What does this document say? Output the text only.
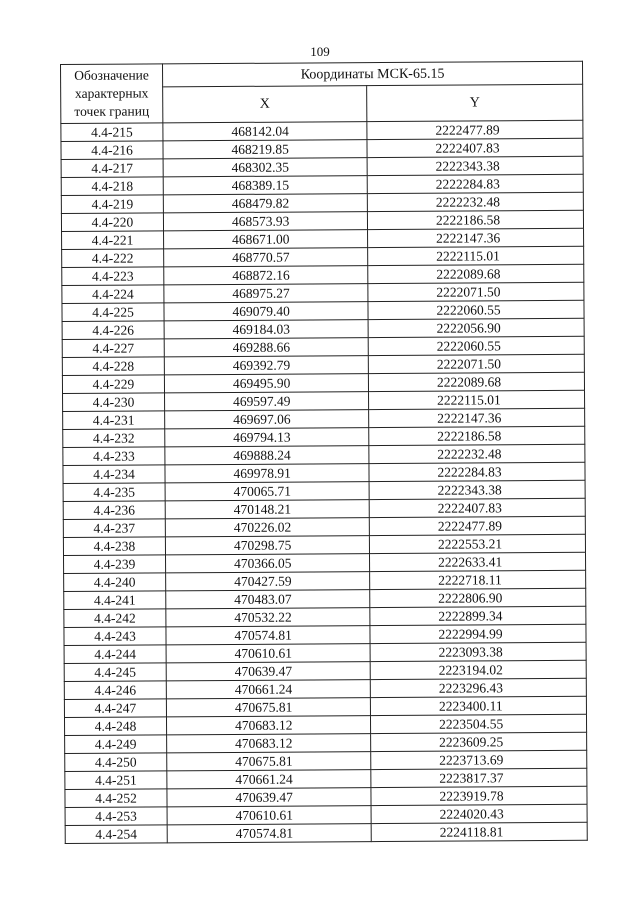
109
Обозначение характерных точек границ	Координаты МСК-65.15	
	X	Y
4.4-215	468142.04	2222477.89
4.4-216	468219.85	2222407.83
4.4-217	468302.35	2222343.38
4.4-218	468389.15	2222284.83
4.4-219	468479.82	2222232.48
4.4-220	468573.93	2222186.58
4.4-221	468671.00	2222147.36
4.4-222	468770.57	2222115.01
4.4-223	468872.16	2222089.68
4.4-224	468975.27	2222071.50
4.4-225	469079.40	2222060.55
4.4-226	469184.03	2222056.90
4.4-227	469288.66	2222060.55
4.4-228	469392.79	2222071.50
4.4-229	469495.90	2222089.68
4.4-230	469597.49	2222115.01
4.4-231	469697.06	2222147.36
4.4-232	469794.13	2222186.58
4.4-233	469888.24	2222232.48
4.4-234	469978.91	2222284.83
4.4-235	470065.71	2222343.38
4.4-236	470148.21	2222407.83
4.4-237	470226.02	2222477.89
4.4-238	470298.75	2222553.21
4.4-239	470366.05	2222633.41
4.4-240	470427.59	2222718.11
4.4-241	470483.07	2222806.90
4.4-242	470532.22	2222899.34
4.4-243	470574.81	2222994.99
4.4-244	470610.61	2223093.38
4.4-245	470639.47	2223194.02
4.4-246	470661.24	2223296.43
4.4-247	470675.81	2223400.11
4.4-248	470683.12	2223504.55
4.4-249	470683.12	2223609.25
4.4-250	470675.81	2223713.69
4.4-251	470661.24	2223817.37
4.4-252	470639.47	2223919.78
4.4-253	470610.61	2224020.43
4.4-254	470574.81	2224118.81
